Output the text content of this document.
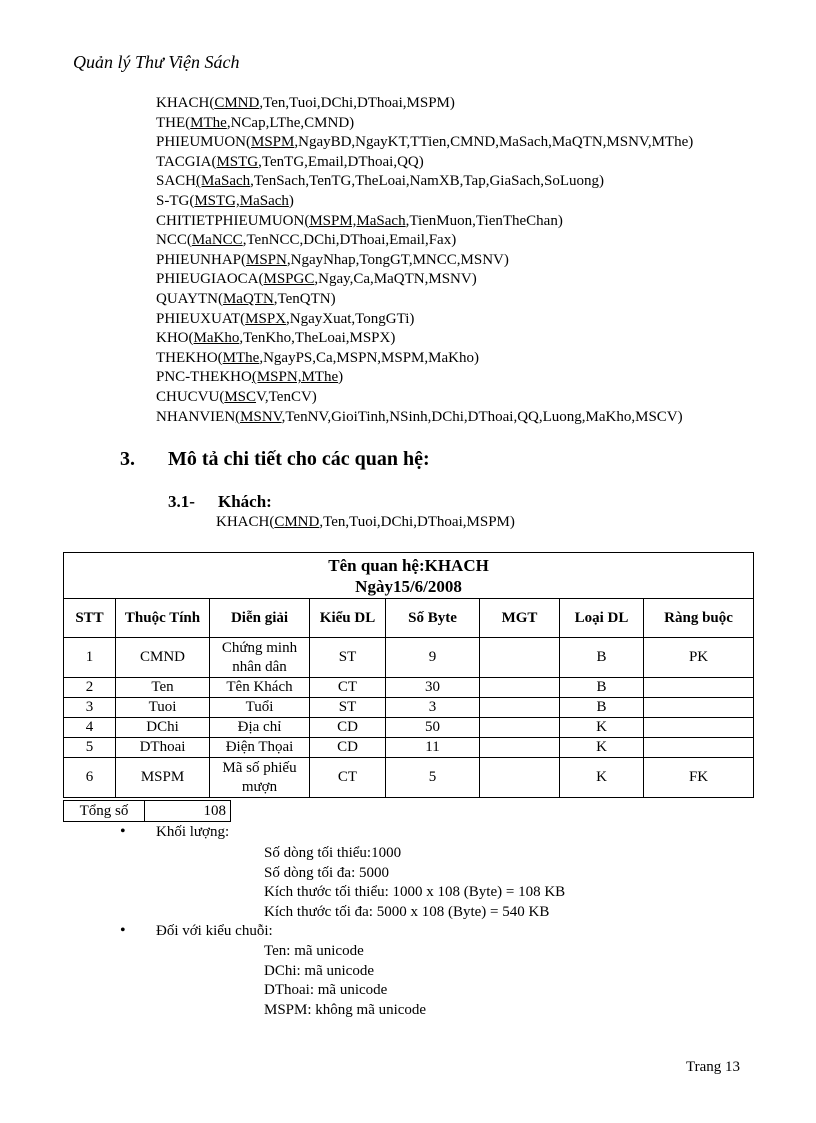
Quản lý Thư Viện Sách
KHACH(CMND,Ten,Tuoi,DChi,DThoai,MSPM)
THE(MThe,NCap,LThe,CMND)
PHIEUMUON(MSPM,NgayBD,NgayKT,TTien,CMND,MaSach,MaQTN,MSNV,MThe)
TACGIA(MSTG,TenTG,Email,DThoai,QQ)
SACH(MaSach,TenSach,TenTG,TheLoai,NamXB,Tap,GiaSach,SoLuong)
S-TG(MSTG,MaSach)
CHITIETPHIEUMUON(MSPM,MaSach,TienMuon,TienTheChan)
NCC(MaNCC,TenNCC,DChi,DThoai,Email,Fax)
PHIEUNHAP(MSPN,NgayNhap,TongGT,MNCC,MSNV)
PHIEUGIAOCA(MSPGC,Ngay,Ca,MaQTN,MSNV)
QUAYTN(MaQTN,TenQTN)
PHIEUXUAT(MSPX,NgayXuat,TongGTi)
KHO(MaKho,TenKho,TheLoai,MSPX)
THEKHO(MThe,NgayPS,Ca,MSPN,MSPM,MaKho)
PNC-THEKHO(MSPN,MThe)
CHUCVU(MSCV,TenCV)
NHANVIEN(MSNV,TenNV,GioiTinh,NSinh,DChi,DThoai,QQ,Luong,MaKho,MSCV)
3. Mô tả chi tiết cho các quan hệ:
3.1- Khách:
KHACH(CMND,Ten,Tuoi,DChi,DThoai,MSPM)
Tên quan hệ:KHACH
Ngày15/6/2008							

STT	Thuộc Tính	Diễn giải	Kiểu DL	Số Byte	MGT	Loại DL	Ràng buộc
1	CMND	Chứng minh nhân dân	ST	9		B	PK
2	Ten	Tên Khách	CT	30		B	
3	Tuoi	Tuổi	ST	3		B	
4	DChi	Địa chỉ	CD	50		K	
5	DThoai	Điện Thọai	CD	11		K	
6	MSPM	Mã số phiếu mượn	CT	5		K	FK
Tổng số	108
• Khối lượng:
Số dòng tối thiểu:1000
Số dòng tối đa: 5000
Kích thước tối thiểu: 1000 x 108 (Byte) = 108 KB
Kích thước tối đa: 5000 x 108 (Byte) = 540 KB
• Đối với kiểu chuỗi:
Ten: mã unicode
DChi: mã unicode
DThoai: mã unicode
MSPM: không mã unicode
Trang 13
